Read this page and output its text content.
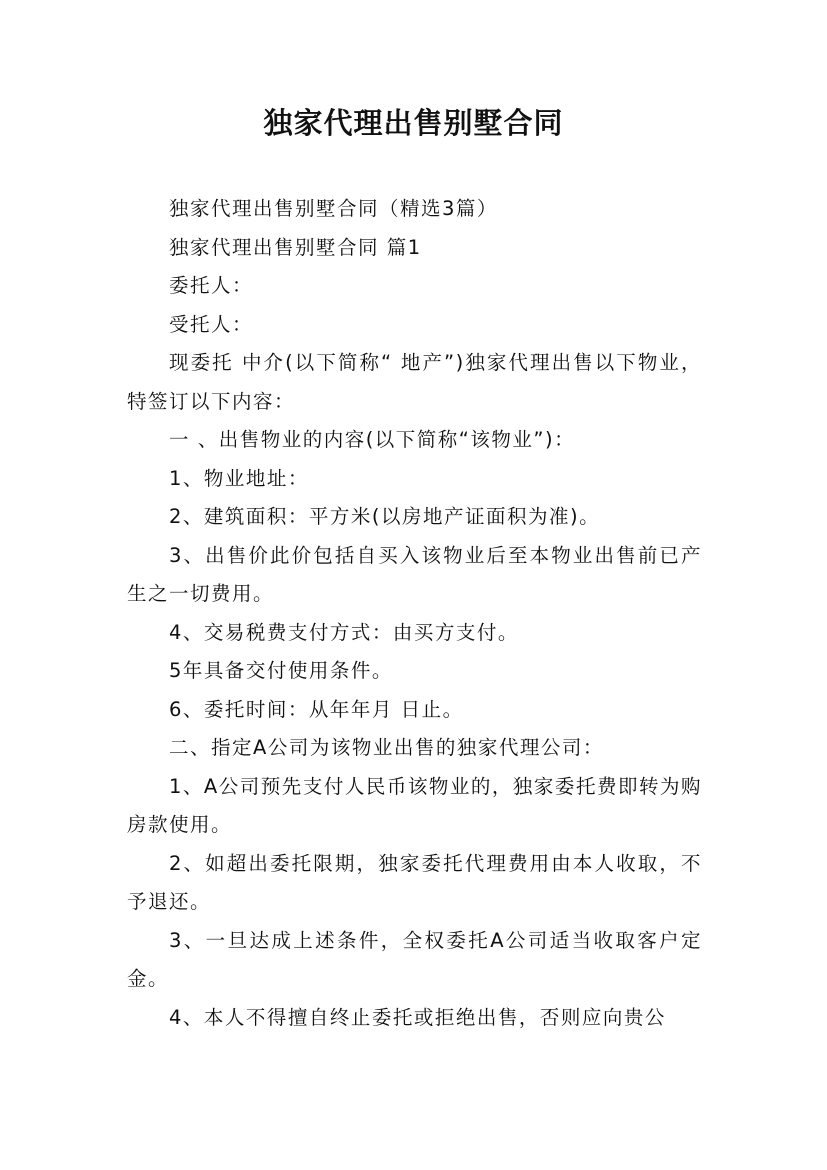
独家代理出售别墅合同

独家代理出售别墅合同（精选3篇）

独家代理出售别墅合同 篇1

委托人：

受托人：

现委托 中介(以下简称“ 地产”)独家代理出售以下物业，特签订以下内容：

一 、出售物业的内容(以下简称“该物业”)：

1、物业地址：

2、建筑面积：平方米(以房地产证面积为准)。

3、出售价此价包括自买入该物业后至本物业出售前已产生之一切费用。

4、交易税费支付方式：由买方支付。

5年具备交付使用条件。

6、委托时间：从年年月 日止。

二、指定A公司为该物业出售的独家代理公司：

1、A公司预先支付人民币该物业的，独家委托费即转为购房款使用。

2、如超出委托限期，独家委托代理费用由本人收取，不予退还。

3、一旦达成上述条件，全权委托A公司适当收取客户定金。

4、本人不得擅自终止委托或拒绝出售，否则应向贵公
